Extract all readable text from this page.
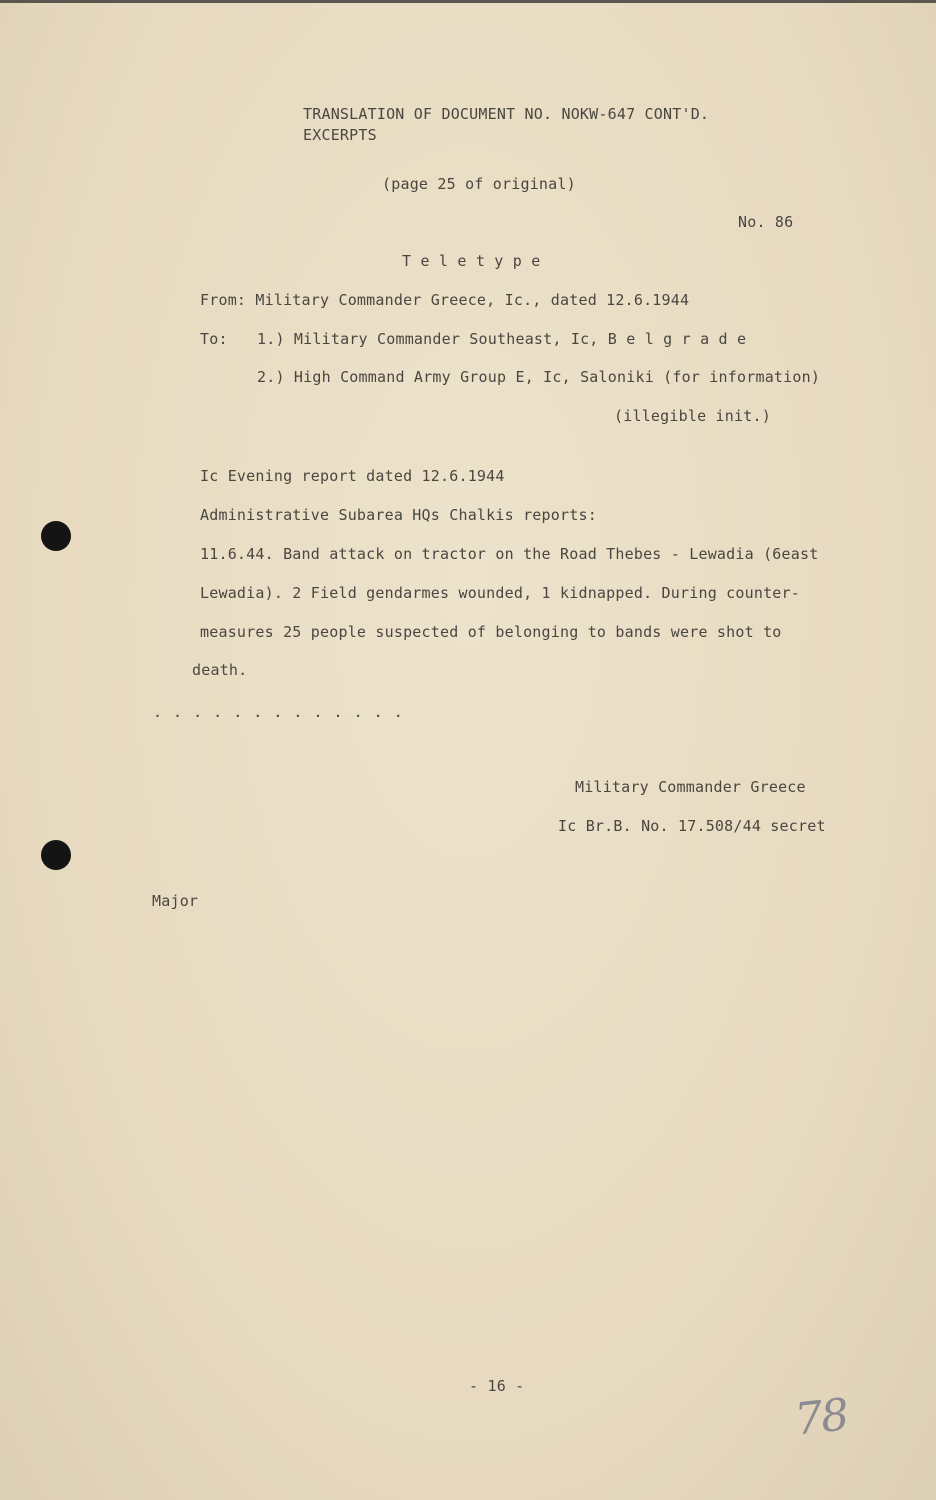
TRANSLATION OF DOCUMENT NO. NOKW-647 CONT'D.
EXCERPTS
(page 25 of original)
No. 86
T e l e t y p e
From: Military Commander Greece, Ic., dated 12.6.1944
To: 1.) Military Commander Southeast, Ic, B e l g r a d e
2.) High Command Army Group E, Ic, Saloniki (for information)
(illegible init.)
Ic Evening report dated 12.6.1944
Administrative Subarea HQs Chalkis reports:
11.6.44. Band attack on tractor on the Road Thebes - Lewadia (6east
Lewadia). 2 Field gendarmes wounded, 1 kidnapped. During counter-
measures 25 people suspected of belonging to bands were shot to
death.
. . . . . . . . . . . . .
Military Commander Greece
Ic Br.B. No. 17.508/44 secret
Major
- 16 -
78
